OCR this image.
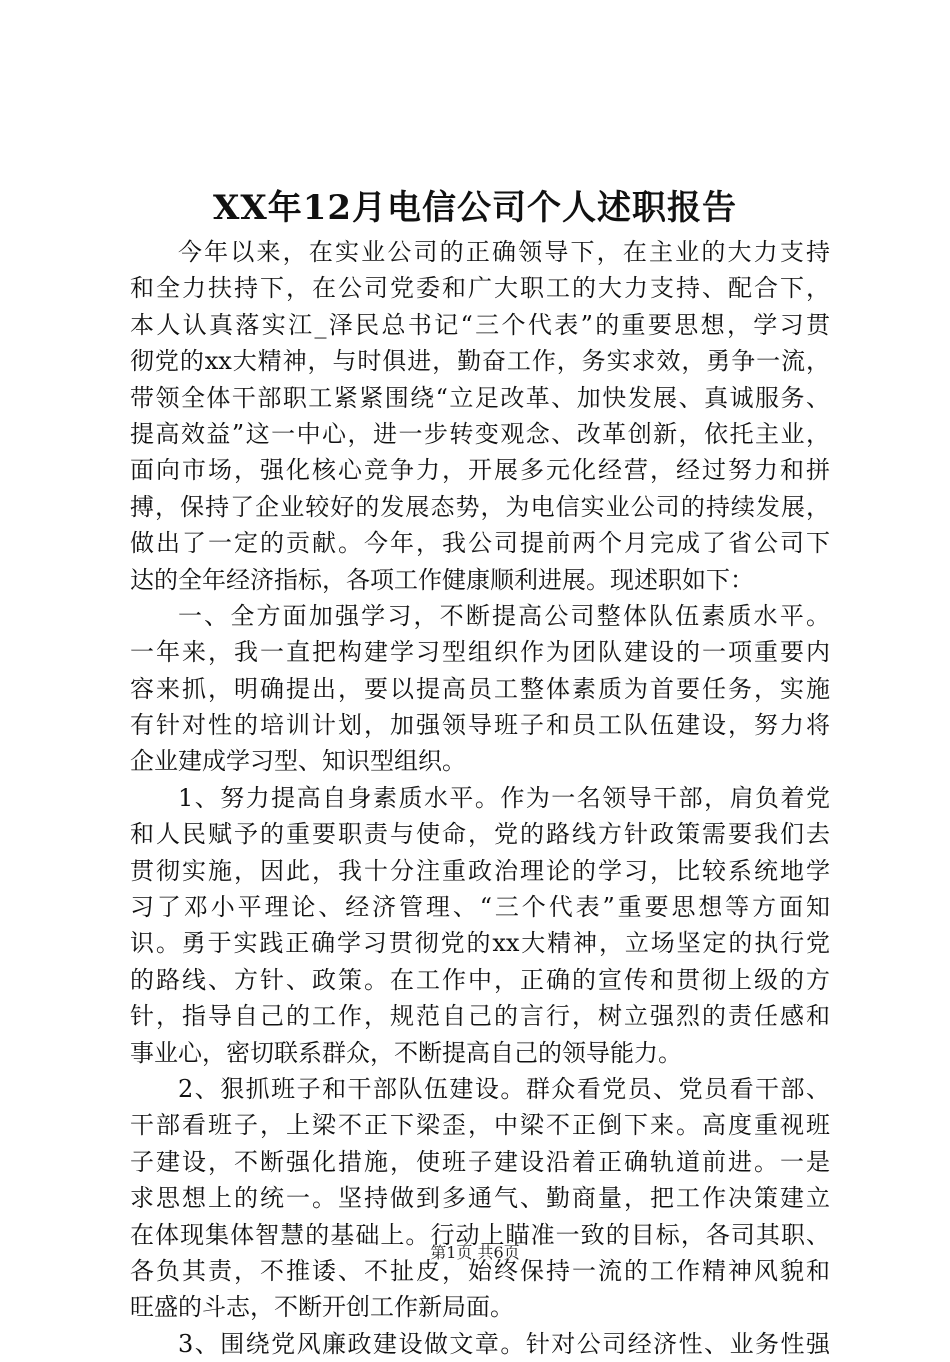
XX年12月电信公司个人述职报告
今年以来，在实业公司的正确领导下，在主业的大力支持
和全力扶持下，在公司党委和广大职工的大力支持、配合下，
本人认真落实江_泽民总书记“三个代表”的重要思想，学习贯
彻党的xx大精神，与时俱进，勤奋工作，务实求效，勇争一流，
带领全体干部职工紧紧围绕“立足改革、加快发展、真诚服务、
提高效益”这一中心，进一步转变观念、改革创新，依托主业，
面向市场，强化核心竞争力，开展多元化经营，经过努力和拼
搏，保持了企业较好的发展态势，为电信实业公司的持续发展，
做出了一定的贡献。今年，我公司提前两个月完成了省公司下
达的全年经济指标，各项工作健康顺利进展。现述职如下：
一、全方面加强学习，不断提高公司整体队伍素质水平。
一年来，我一直把构建学习型组织作为团队建设的一项重要内
容来抓，明确提出，要以提高员工整体素质为首要任务，实施
有针对性的培训计划，加强领导班子和员工队伍建设，努力将
企业建成学习型、知识型组织。
1、努力提高自身素质水平。作为一名领导干部，肩负着党
和人民赋予的重要职责与使命，党的路线方针政策需要我们去
贯彻实施，因此，我十分注重政治理论的学习，比较系统地学
习了邓小平理论、经济管理、“三个代表”重要思想等方面知
识。勇于实践正确学习贯彻党的xx大精神，立场坚定的执行党
的路线、方针、政策。在工作中，正确的宣传和贯彻上级的方
针，指导自己的工作，规范自己的言行，树立强烈的责任感和
事业心，密切联系群众，不断提高自己的领导能力。
2、狠抓班子和干部队伍建设。群众看党员、党员看干部、
干部看班子，上梁不正下梁歪，中梁不正倒下来。高度重视班
子建设，不断强化措施，使班子建设沿着正确轨道前进。一是
求思想上的统一。坚持做到多通气、勤商量，把工作决策建立
在体现集体智慧的基础上。行动上瞄准一致的目标，各司其职、
各负其责，不推诿、不扯皮，始终保持一流的工作精神风貌和
旺盛的斗志，不断开创工作新局面。
3、围绕党风廉政建设做文章。针对公司经济性、业务性强
第1页 共6页
